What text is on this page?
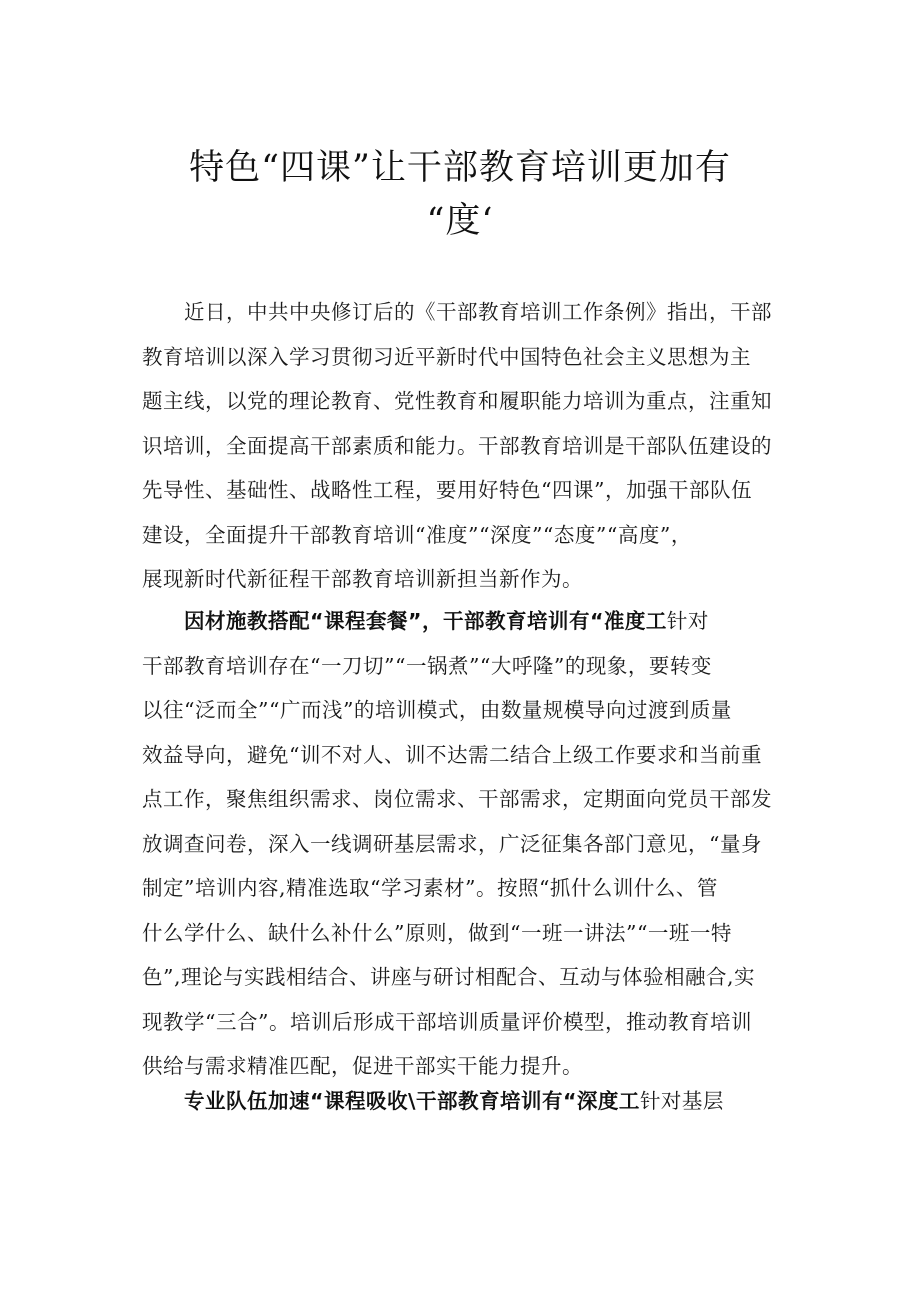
特色“四课”让干部教育培训更加有
“度‘
近日，中共中央修订后的《干部教育培训工作条例》指出，干部
教育培训以深入学习贯彻习近平新时代中国特色社会主义思想为主
题主线，以党的理论教育、党性教育和履职能力培训为重点，注重知
识培训，全面提高干部素质和能力。干部教育培训是干部队伍建设的
先导性、基础性、战略性工程，要用好特色“四课”，加强干部队伍
建设，全面提升干部教育培训“准度”“深度”“态度”“高度”，
展现新时代新征程干部教育培训新担当新作为。
因材施教搭配“课程套餐”，干部教育培训有“准度工针对
干部教育培训存在“一刀切”“一锅煮”“大呼隆”的现象，要转变
以往“泛而全”“广而浅”的培训模式，由数量规模导向过渡到质量
效益导向，避免“训不对人、训不达需二结合上级工作要求和当前重
点工作，聚焦组织需求、岗位需求、干部需求，定期面向党员干部发
放调查问卷，深入一线调研基层需求，广泛征集各部门意见，“量身
制定”培训内容,精准选取“学习素材”。按照“抓什么训什么、管
什么学什么、缺什么补什么”原则，做到“一班一讲法”“一班一特
色”,理论与实践相结合、讲座与研讨相配合、互动与体验相融合,实
现教学“三合”。培训后形成干部培训质量评价模型，推动教育培训
供给与需求精准匹配，促进干部实干能力提升。
专业队伍加速“课程吸收\干部教育培训有“深度工针对基层
